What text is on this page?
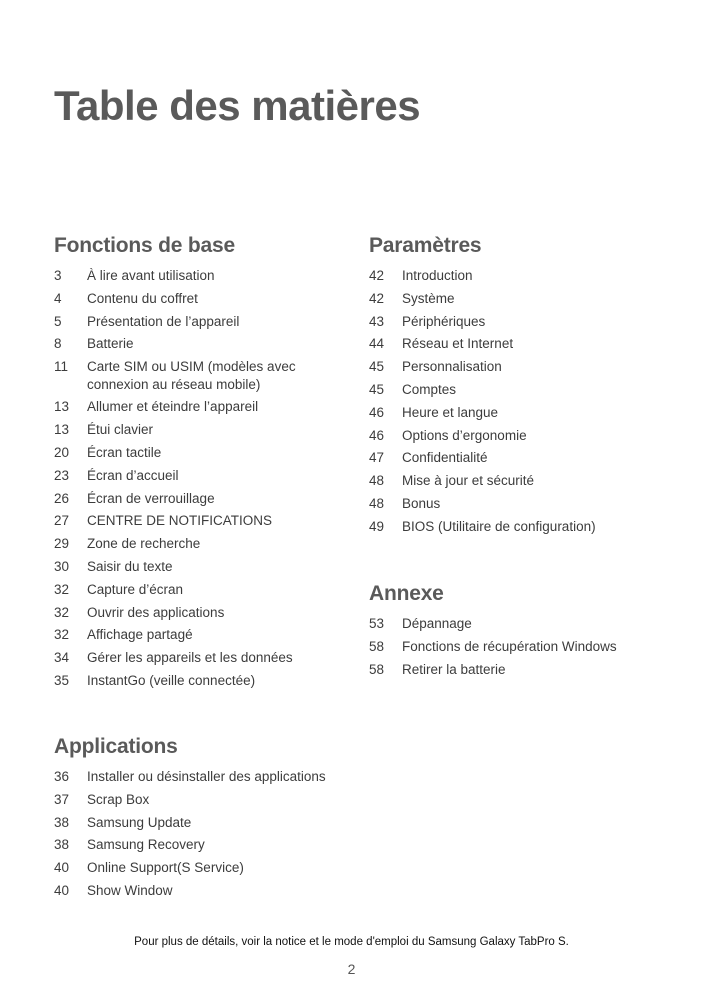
Table des matières
Fonctions de base
3	À lire avant utilisation
4	Contenu du coffret
5	Présentation de l’appareil
8	Batterie
11	Carte SIM ou USIM (modèles avec connexion au réseau mobile)
13	Allumer et éteindre l’appareil
13	Étui clavier
20	Écran tactile
23	Écran d’accueil
26	Écran de verrouillage
27	CENTRE DE NOTIFICATIONS
29	Zone de recherche
30	Saisir du texte
32	Capture d’écran
32	Ouvrir des applications
32	Affichage partagé
34	Gérer les appareils et les données
35	InstantGo (veille connectée)
Applications
36	Installer ou désinstaller des applications
37	Scrap Box
38	Samsung Update
38	Samsung Recovery
40	Online Support(S Service)
40	Show Window
Paramètres
42	Introduction
42	Système
43	Périphériques
44	Réseau et Internet
45	Personnalisation
45	Comptes
46	Heure et langue
46	Options d’ergonomie
47	Confidentialité
48	Mise à jour et sécurité
48	Bonus
49	BIOS (Utilitaire de configuration)
Annexe
53	Dépannage
58	Fonctions de récupération Windows
58	Retirer la batterie
Pour plus de détails, voir la notice et le mode d'emploi du Samsung Galaxy TabPro S.
2
